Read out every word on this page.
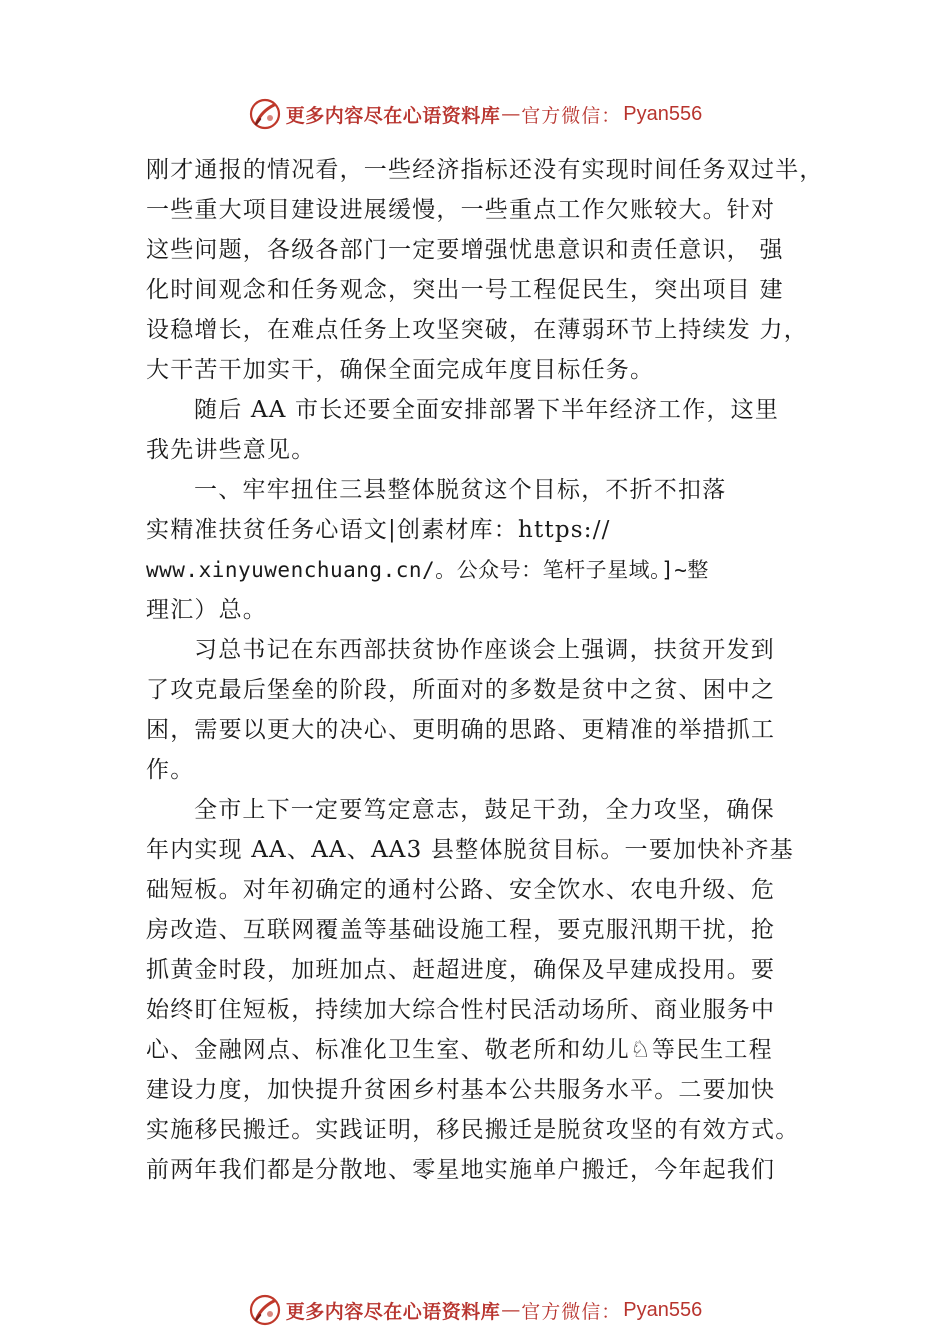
更多内容尽在心语资料库 — 官方微信： Pyan556
刚才通报的情况看，一些经济指标还没有实现时间任务双过半，
一些重大项目建设进展缓慢，一些重点工作欠账较大。针对
这些问题，各级各部门一定要增强忧患意识和责任意识， 强
化时间观念和任务观念，突出一号工程促民生，突出项目 建
设稳增长，在难点任务上攻坚突破，在薄弱环节上持续发 力，
大干苦干加实干，确保全面完成年度目标任务。
随后 AA 市长还要全面安排部署下半年经济工作，这里
我先讲些意见。
一、牢牢扭住三县整体脱贫这个目标，不折不扣落
实精准扶贫任务心语文|创素材库：https://
www.xinyuwenchuang.cn/。公众号：笔杆子星域。]~整
理汇）总。
习总书记在东西部扶贫协作座谈会上强调，扶贫开发到
了攻克最后堡垒的阶段，所面对的多数是贫中之贫、困中之
困，需要以更大的决心、更明确的思路、更精准的举措抓工
作。
全市上下一定要笃定意志，鼓足干劲，全力攻坚，确保
年内实现 AA、AA、AA3 县整体脱贫目标。一要加快补齐基
础短板。对年初确定的通村公路、安全饮水、农电升级、危
房改造、互联网覆盖等基础设施工程，要克服汛期干扰，抢
抓黄金时段，加班加点、赶超进度，确保及早建成投用。要
始终盯住短板，持续加大综合性村民活动场所、商业服务中
心、金融网点、标准化卫生室、敬老所和幼儿♘等民生工程
建设力度，加快提升贫困乡村基本公共服务水平。二要加快
实施移民搬迁。实践证明，移民搬迁是脱贫攻坚的有效方式。
前两年我们都是分散地、零星地实施单户搬迁，今年起我们
更多内容尽在心语资料库 — 官方微信： Pyan556
